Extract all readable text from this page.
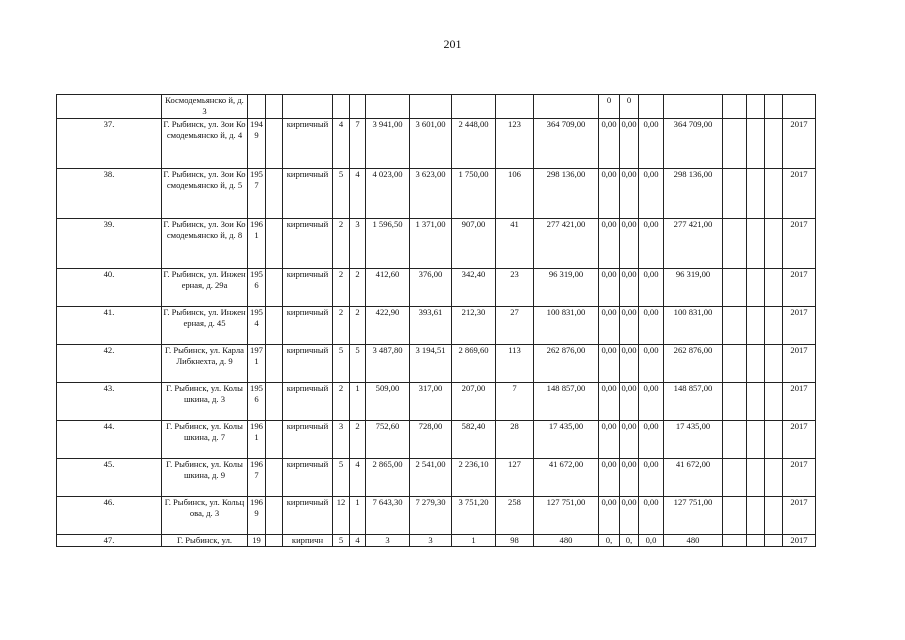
201
	Космодемьянско й, д. 3											0	0						
37.	Г. Рыбинск, ул. Зои Космодемьянско й, д. 4	1949		кирпичный	4	7	3 941,00	3 601,00	2 448,00	123	364 709,00	0,00	0,00	0,00	364 709,00				2017
38.	Г. Рыбинск, ул. Зои Космодемьянско й, д. 5	1957		кирпичный	5	4	4 023,00	3 623,00	1 750,00	106	298 136,00	0,00	0,00	0,00	298 136,00				2017
39.	Г. Рыбинск, ул. Зои Космодемьянско й, д. 8	1961		кирпичный	2	3	1 596,50	1 371,00	907,00	41	277 421,00	0,00	0,00	0,00	277 421,00				2017
40.	Г. Рыбинск, ул. Инженерная, д. 29а	1956		кирпичный	2	2	412,60	376,00	342,40	23	96 319,00	0,00	0,00	0,00	96 319,00				2017
41.	Г. Рыбинск, ул. Инженерная, д. 45	1954		кирпичный	2	2	422,90	393,61	212,30	27	100 831,00	0,00	0,00	0,00	100 831,00				2017
42.	Г. Рыбинск, ул. Карла Либкнехта, д. 9	1971		кирпичный	5	5	3 487,80	3 194,51	2 869,60	113	262 876,00	0,00	0,00	0,00	262 876,00				2017
43.	Г. Рыбинск, ул. Колышкина, д. 3	1956		кирпичный	2	1	509,00	317,00	207,00	7	148 857,00	0,00	0,00	0,00	148 857,00				2017
44.	Г. Рыбинск, ул. Колышкина, д. 7	1961		кирпичный	3	2	752,60	728,00	582,40	28	17 435,00	0,00	0,00	0,00	17 435,00				2017
45.	Г. Рыбинск, ул. Колышкина, д. 9	1967		кирпичный	5	4	2 865,00	2 541,00	2 236,10	127	41 672,00	0,00	0,00	0,00	41 672,00				2017
46.	Г. Рыбинск, ул. Кольцова, д. 3	1969		кирпичный	12	1	7 643,30	7 279,30	3 751,20	258	127 751,00	0,00	0,00	0,00	127 751,00				2017
47.	Г. Рыбинск, ул.	19		кирпичн	5	4	3	3	1	98	480	0,	0,	0,0	480				2017
